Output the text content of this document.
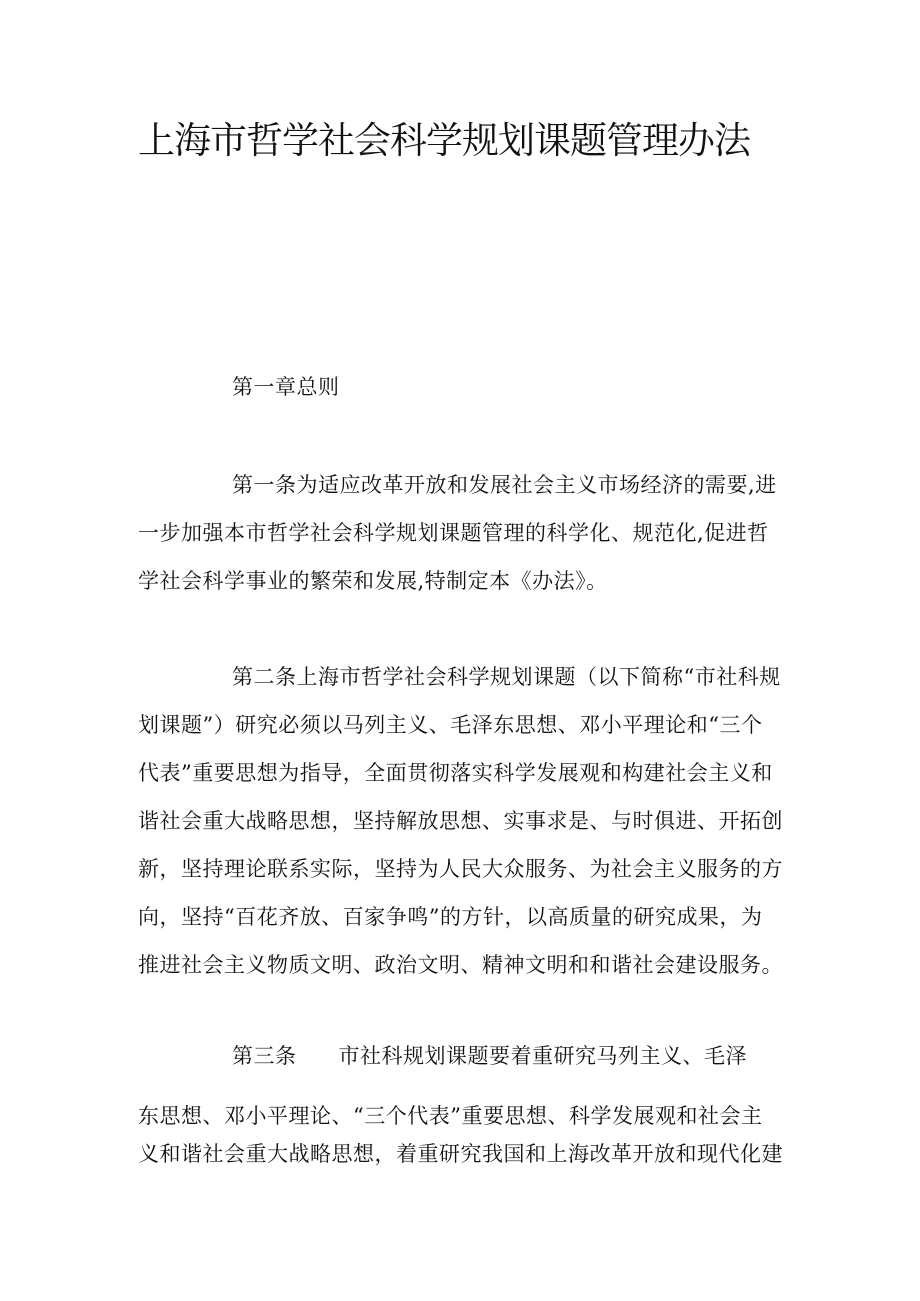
上海市哲学社会科学规划课题管理办法

第一章总则

第一条为适应改革开放和发展社会主义市场经济的需要,进
一步加强本市哲学社会科学规划课题管理的科学化、规范化,促进哲
学社会科学事业的繁荣和发展,特制定本《办法》。
第二条上海市哲学社会科学规划课题（以下简称“市社科规
划课题”）研究必须以马列主义、毛泽东思想、邓小平理论和“三个
代表”重要思想为指导，全面贯彻落实科学发展观和构建社会主义和
谐社会重大战略思想，坚持解放思想、实事求是、与时俱进、开拓创
新，坚持理论联系实际，坚持为人民大众服务、为社会主义服务的方
向，坚持“百花齐放、百家争鸣”的方针，以高质量的研究成果，为
推进社会主义物质文明、政治文明、精神文明和和谐社会建设服务。
第三条 市社科规划课题要着重研究马列主义、毛泽
东思想、邓小平理论、“三个代表”重要思想、科学发展观和社会主
义和谐社会重大战略思想，着重研究我国和上海改革开放和现代化建
